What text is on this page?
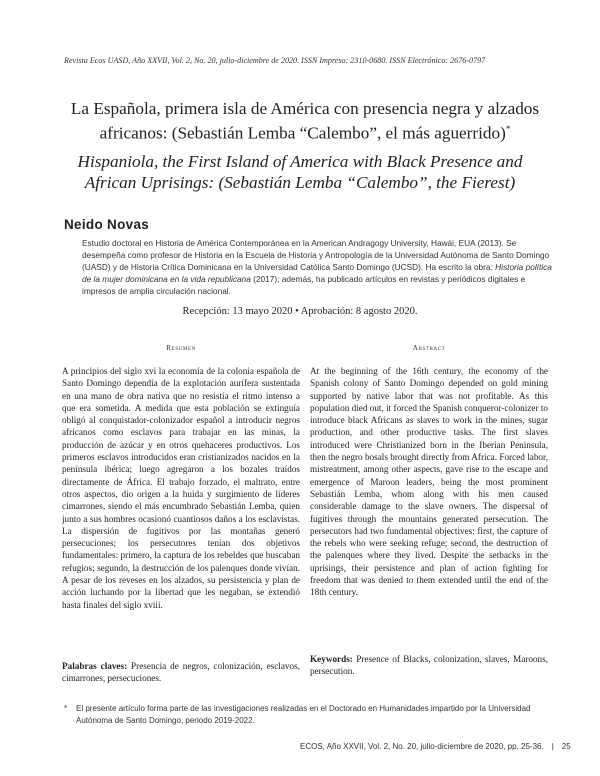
Revista Ecos UASD, Año XXVII, Vol. 2, No. 20, julio-diciembre de 2020. ISSN Impreso: 2310-0680. ISSN Electrónico: 2676-0797
La Española, primera isla de América con presencia negra y alzados africanos: (Sebastián Lemba “Calembo”, el más aguerrido)*
Hispaniola, the First Island of America with Black Presence and African Uprisings: (Sebastián Lemba “Calembo”, the Fierest)
Neido Novas
Estudio doctoral en Historia de América Contemporánea en la American Andragogy University, Hawái, EUA (2013). Se desempeña como profesor de Historia en la Escuela de Historia y Antropología de la Universidad Autónoma de Santo Domingo (UASD) y de Historia Crítica Dominicana en la Universidad Católica Santo Domingo (UCSD). Ha escrito la obra: Historia política de la mujer dominicana en la vida republicana (2017); además, ha publicado artículos en revistas y periódicos digitales e impresos de amplia circulación nacional.
Recepción: 13 mayo 2020 • Aprobación: 8 agosto 2020.
Resumen	Abstract
A principios del siglo xvi la economía de la colonia española de Santo Domingo dependía de la explotación aurífera sustentada en una mano de obra nativa que no resistía el ritmo intenso a que era sometida. A medida que esta población se extinguía obligó al conquistador-colonizador español a introducir negros africanos como esclavos para trabajar en las minas, la producción de azúcar y en otros quehaceres productivos. Los primeros esclavos introducidos eran cristianizados nacidos en la península ibérica; luego agregaron a los bozales traídos directamente de África. El trabajo forzado, el maltrato, entre otros aspectos, dio origen a la huida y surgimiento de líderes cimarrones, siendo el más encumbrado Sebastián Lemba, quien junto a sus hombres ocasionó cuantiosos daños a los esclavistas. La dispersión de fugitivos por las montañas generó persecuciones; los persecutores tenían dos objetivos fundamentales: primero, la captura de los rebeldes que buscaban refugios; segundo, la destrucción de los palenques donde vivían. A pesar de los reveses en los alzados, su persistencia y plan de acción luchando por la libertad que les negaban, se extendió hasta finales del siglo xviii.
At the beginning of the 16th century, the economy of the Spanish colony of Santo Domingo depended on gold mining supported by native labor that was not profitable. As this population died out, it forced the Spanish conqueror-colonizer to introduce black Africans as slaves to work in the mines, sugar production, and other productive tasks. The first slaves introduced were Christianized born in the Iberian Peninsula, then the negro bosals brought directly from Africa. Forced labor, mistreatment, among other aspects, gave rise to the escape and emergence of Maroon leaders, being the most prominent Sebastián Lemba, whom along with his men caused considerable damage to the slave owners. The dispersal of fugitives through the mountains generated persecution. The persecutors had two fundamental objectives: first, the capture of the rebels who were seeking refuge; second, the destruction of the palenques where they lived. Despite the setbacks in the uprisings, their persistence and plan of action fighting for freedom that was denied to them extended until the end of the 18th century.
Palabras claves: Presencia de negros, colonización, esclavos, cimarrones, persecuciones.
Keywords: Presence of Blacks, colonization, slaves, Maroons, persecution.
*	El presente artículo forma parte de las investigaciones realizadas en el Doctorado en Humanidades impartido por la Universidad Autónoma de Santo Domingo, periodo 2019-2022.
ECOS, Año XXVII, Vol. 2, No. 20, julio-diciembre de 2020, pp. 25-36. | 25
